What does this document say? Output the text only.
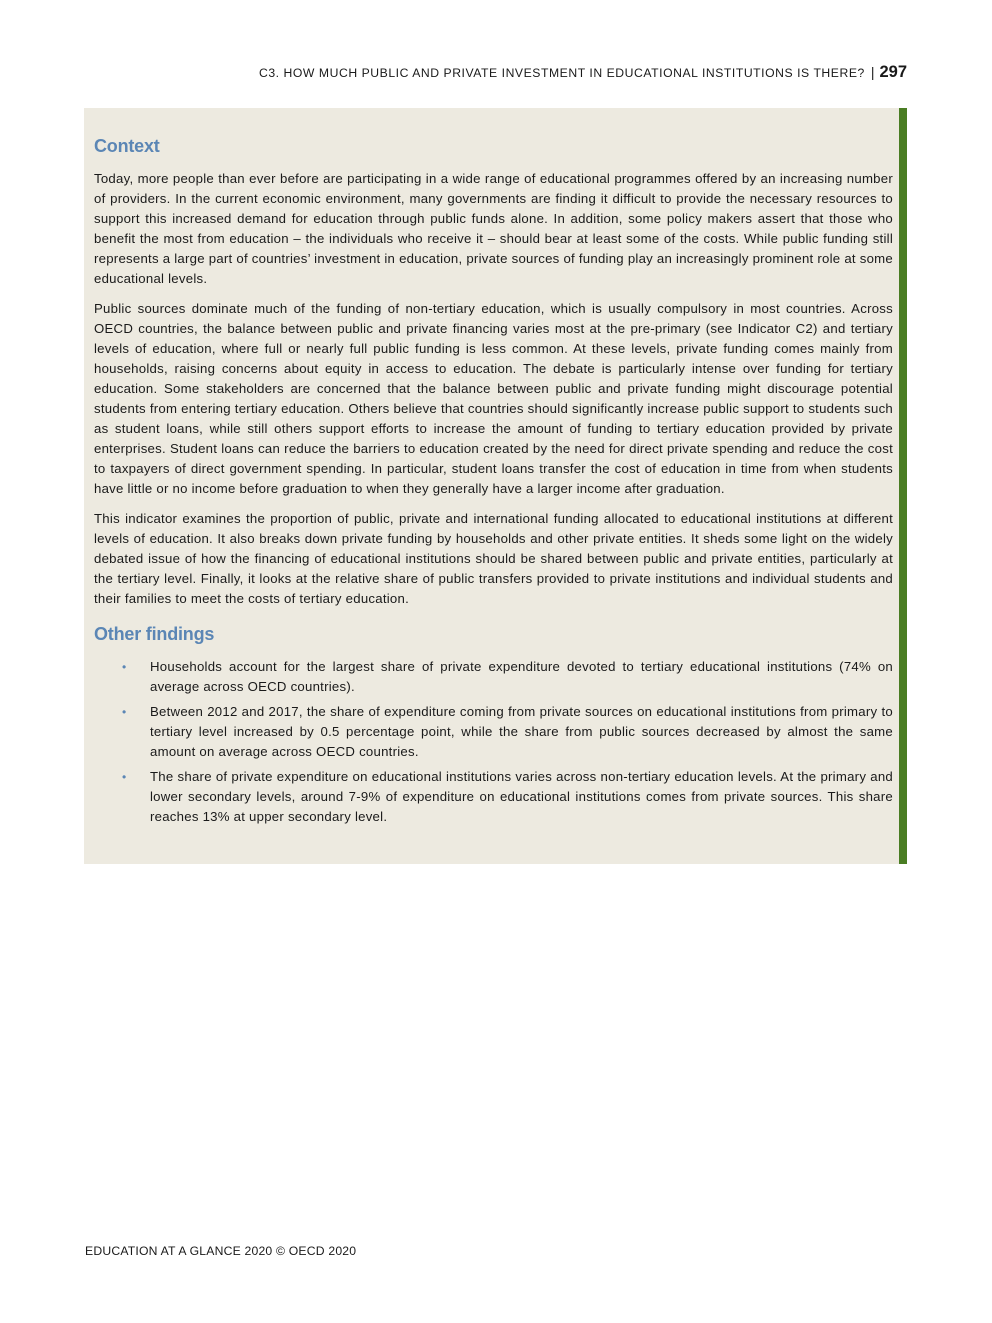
C3. HOW MUCH PUBLIC AND PRIVATE INVESTMENT IN EDUCATIONAL INSTITUTIONS IS THERE? | 297
Context

Today, more people than ever before are participating in a wide range of educational programmes offered by an increasing number of providers. In the current economic environment, many governments are finding it difficult to provide the necessary resources to support this increased demand for education through public funds alone. In addition, some policy makers assert that those who benefit the most from education – the individuals who receive it – should bear at least some of the costs. While public funding still represents a large part of countries’ investment in education, private sources of funding play an increasingly prominent role at some educational levels.

Public sources dominate much of the funding of non-tertiary education, which is usually compulsory in most countries. Across OECD countries, the balance between public and private financing varies most at the pre-primary (see Indicator C2) and tertiary levels of education, where full or nearly full public funding is less common. At these levels, private funding comes mainly from households, raising concerns about equity in access to education. The debate is particularly intense over funding for tertiary education. Some stakeholders are concerned that the balance between public and private funding might discourage potential students from entering tertiary education. Others believe that countries should significantly increase public support to students such as student loans, while still others support efforts to increase the amount of funding to tertiary education provided by private enterprises. Student loans can reduce the barriers to education created by the need for direct private spending and reduce the cost to taxpayers of direct government spending. In particular, student loans transfer the cost of education in time from when students have little or no income before graduation to when they generally have a larger income after graduation.

This indicator examines the proportion of public, private and international funding allocated to educational institutions at different levels of education. It also breaks down private funding by households and other private entities. It sheds some light on the widely debated issue of how the financing of educational institutions should be shared between public and private entities, particularly at the tertiary level. Finally, it looks at the relative share of public transfers provided to private institutions and individual students and their families to meet the costs of tertiary education.

Other findings
• Households account for the largest share of private expenditure devoted to tertiary educational institutions (74% on average across OECD countries).
• Between 2012 and 2017, the share of expenditure coming from private sources on educational institutions from primary to tertiary level increased by 0.5 percentage point, while the share from public sources decreased by almost the same amount on average across OECD countries.
• The share of private expenditure on educational institutions varies across non-tertiary education levels. At the primary and lower secondary levels, around 7-9% of expenditure on educational institutions comes from private sources. This share reaches 13% at upper secondary level.
EDUCATION AT A GLANCE 2020 © OECD 2020
